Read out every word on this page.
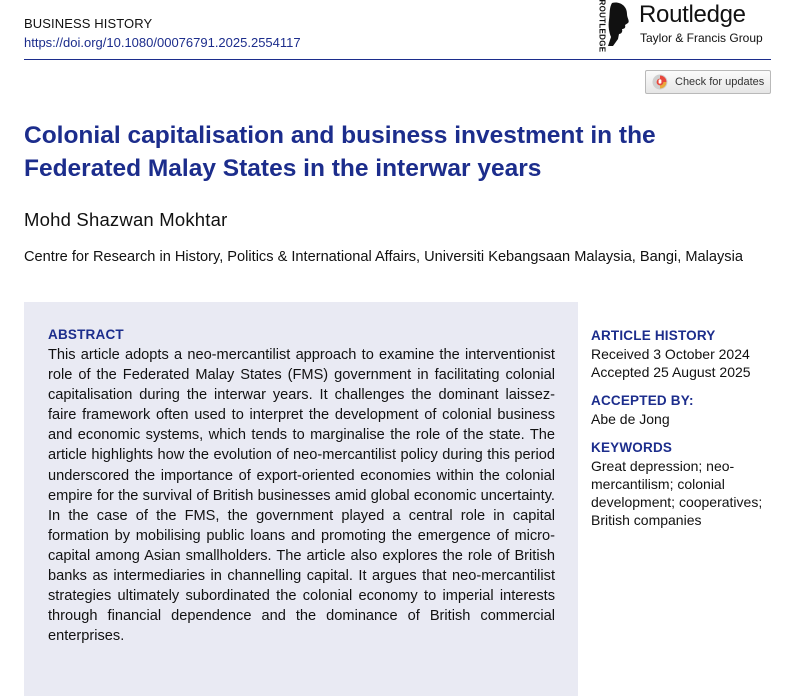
BUSINESS HISTORY
https://doi.org/10.1080/00076791.2025.2554117	ROUTLEDGE Routledge
Taylor & Francis Group
Check for updates
Colonial capitalisation and business investment in the Federated Malay States in the interwar years
Mohd Shazwan Mokhtar
Centre for Research in History, Politics & International Affairs, Universiti Kebangsaan Malaysia, Bangi, Malaysia
ABSTRACT

This article adopts a neo-mercantilist approach to examine the interventionist role of the Federated Malay States (FMS) government in facilitating colonial capitalisation during the interwar years. It challenges the dominant laissez-faire framework often used to interpret the development of colonial business and economic systems, which tends to marginalise the role of the state. The article highlights how the evolution of neo-mercantilist policy during this period underscored the importance of export-oriented economies within the colonial empire for the survival of British businesses amid global economic uncertainty. In the case of the FMS, the government played a central role in capital formation by mobilising public loans and promoting the emergence of micro-capital among Asian smallholders. The article also explores the role of British banks as intermediaries in channelling capital. It argues that neo-mercantilist strategies ultimately subordinated the colonial economy to imperial interests through financial dependence and the dominance of British commercial enterprises.

ARTICLE HISTORY
Received 3 October 2024
Accepted 25 August 2025
ACCEPTED BY:
Abe de Jong
KEYWORDS
Great depression; neo-mercantilism; colonial development; cooperatives; British companies
